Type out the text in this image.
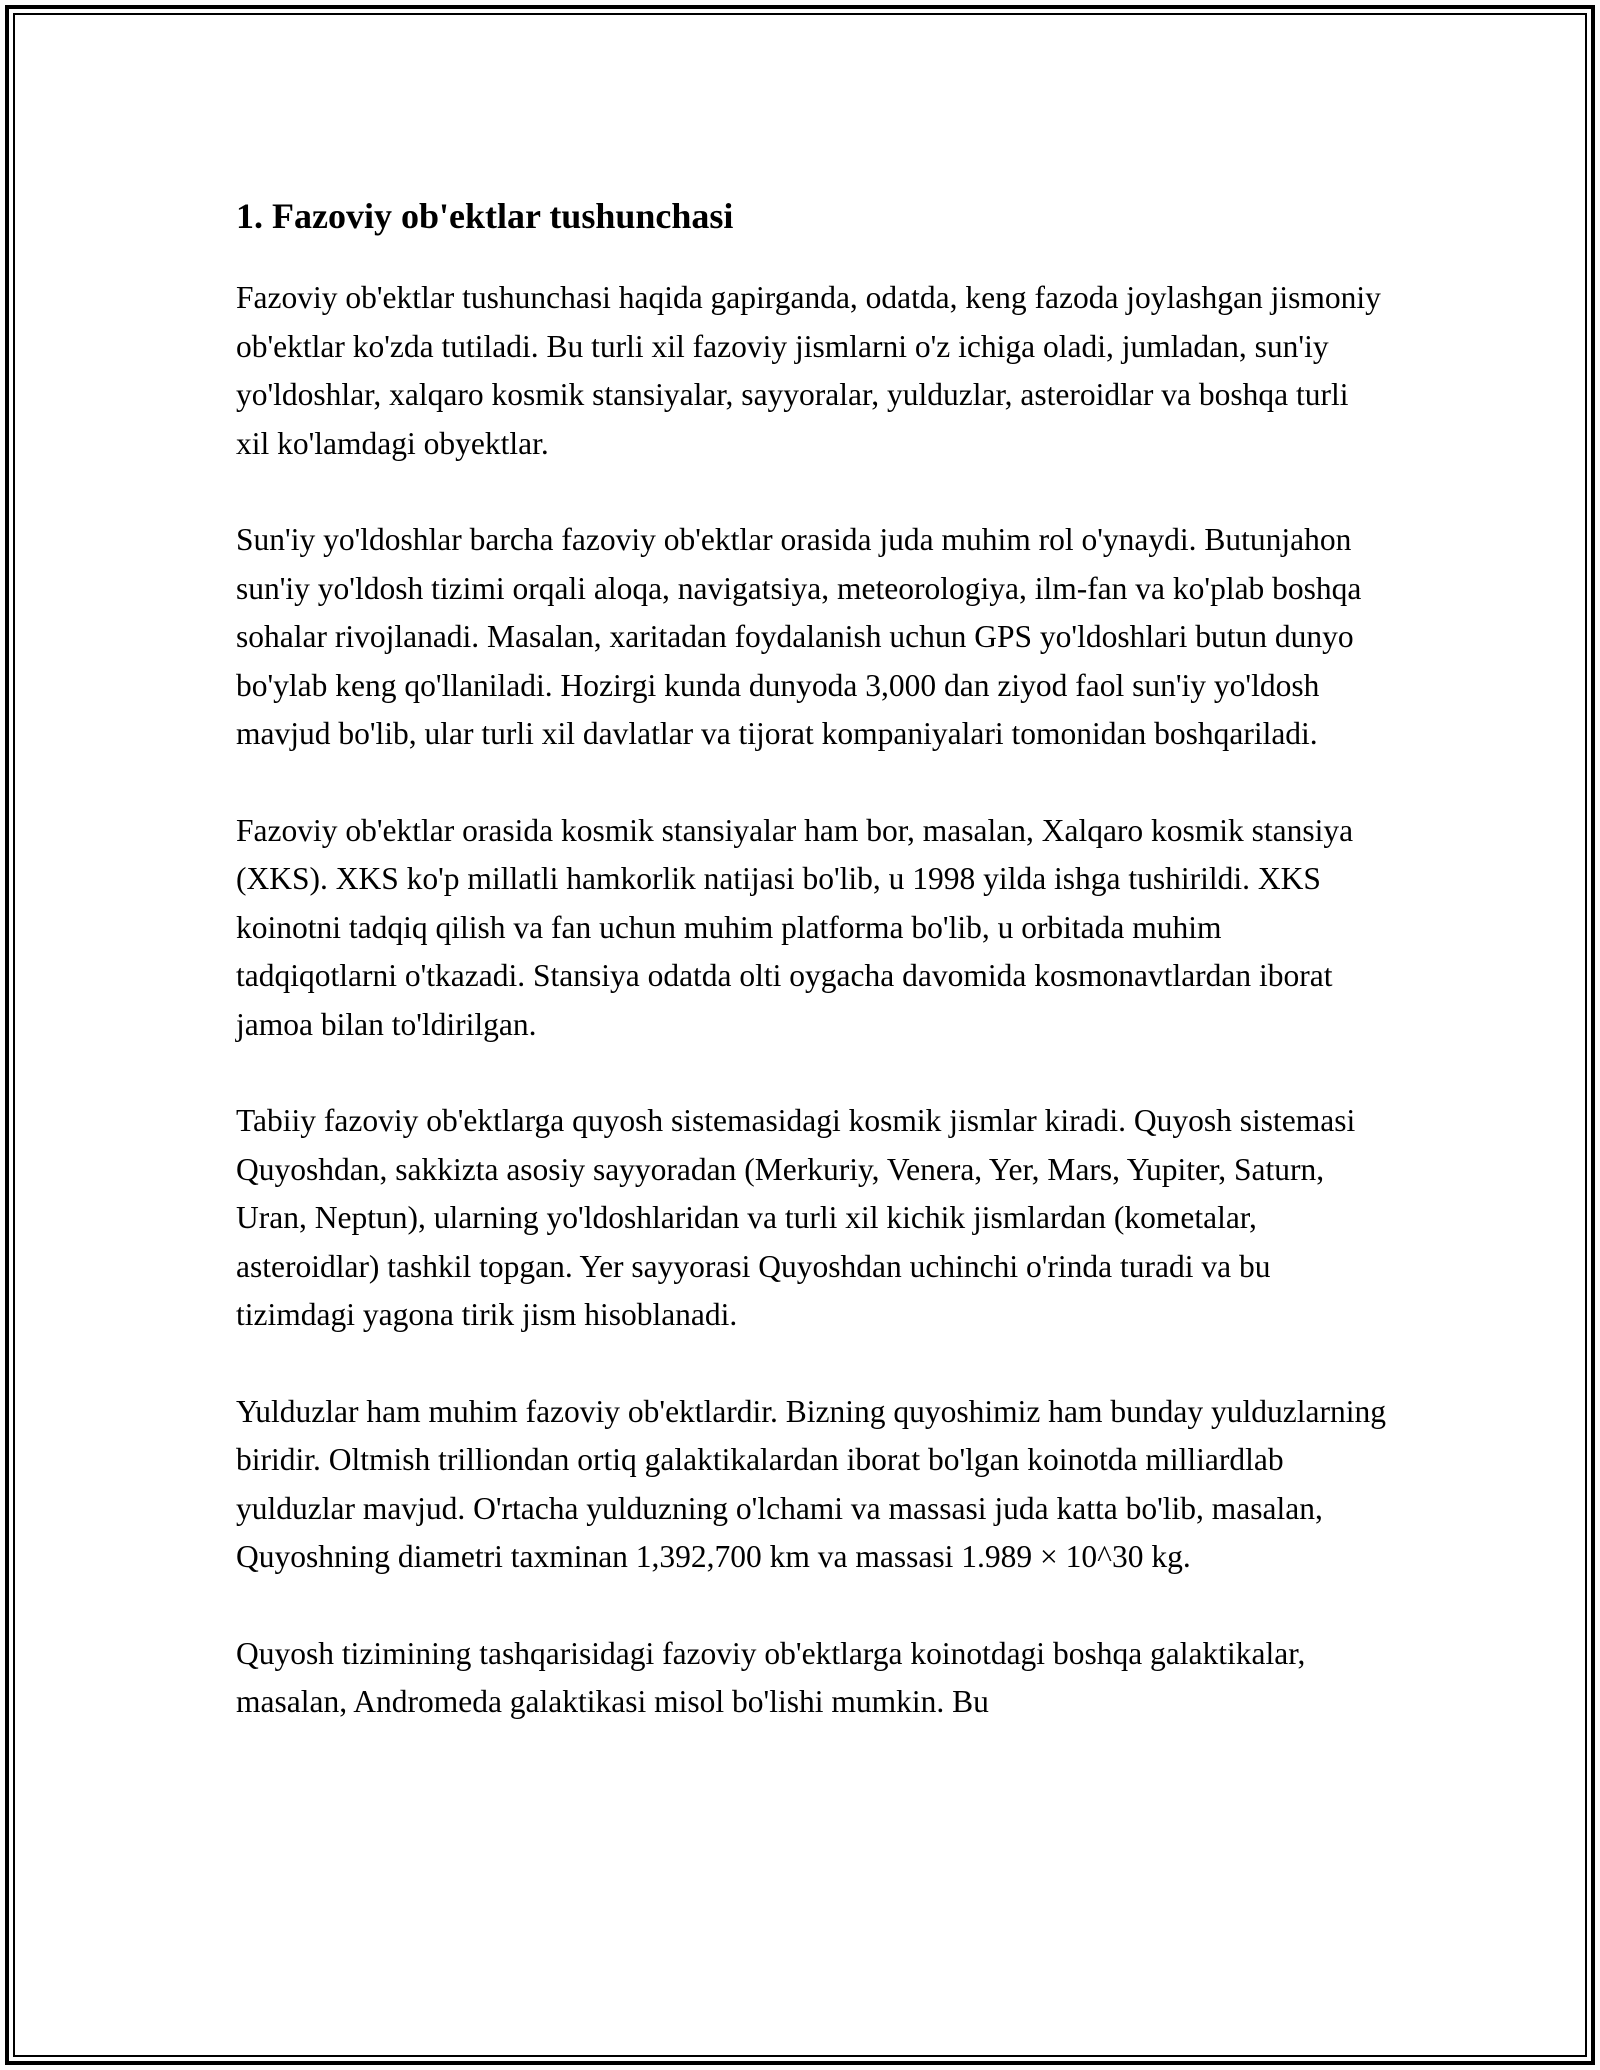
1. Fazoviy ob'ektlar tushunchasi

Fazoviy ob'ektlar tushunchasi haqida gapirganda, odatda, keng fazoda joylashgan jismoniy ob'ektlar ko'zda tutiladi. Bu turli xil fazoviy jismlarni o'z ichiga oladi, jumladan, sun'iy yo'ldoshlar, xalqaro kosmik stansiyalar, sayyoralar, yulduzlar, asteroidlar va boshqa turli xil ko'lamdagi obyektlar.

Sun'iy yo'ldoshlar barcha fazoviy ob'ektlar orasida juda muhim rol o'ynaydi. Butunjahon sun'iy yo'ldosh tizimi orqali aloqa, navigatsiya, meteorologiya, ilm-fan va ko'plab boshqa sohalar rivojlanadi. Masalan, xaritadan foydalanish uchun GPS yo'ldoshlari butun dunyo bo'ylab keng qo'llaniladi. Hozirgi kunda dunyoda 3,000 dan ziyod faol sun'iy yo'ldosh mavjud bo'lib, ular turli xil davlatlar va tijorat kompaniyalari tomonidan boshqariladi.

Fazoviy ob'ektlar orasida kosmik stansiyalar ham bor, masalan, Xalqaro kosmik stansiya (XKS). XKS ko'p millatli hamkorlik natijasi bo'lib, u 1998 yilda ishga tushirildi. XKS koinotni tadqiq qilish va fan uchun muhim platforma bo'lib, u orbitada muhim tadqiqotlarni o'tkazadi. Stansiya odatda olti oygacha davomida kosmonavtlardan iborat jamoa bilan to'ldirilgan.

Tabiiy fazoviy ob'ektlarga quyosh sistemasidagi kosmik jismlar kiradi. Quyosh sistemasi Quyoshdan, sakkizta asosiy sayyoradan (Merkuriy, Venera, Yer, Mars, Yupiter, Saturn, Uran, Neptun), ularning yo'ldoshlaridan va turli xil kichik jismlardan (kometalar, asteroidlar) tashkil topgan. Yer sayyorasi Quyoshdan uchinchi o'rinda turadi va bu tizimdagi yagona tirik jism hisoblanadi.

Yulduzlar ham muhim fazoviy ob'ektlardir. Bizning quyoshimiz ham bunday yulduzlarning biridir. Oltmish trilliondan ortiq galaktikalardan iborat bo'lgan koinotda milliardlab yulduzlar mavjud. O'rtacha yulduzning o'lchami va massasi juda katta bo'lib, masalan, Quyoshning diametri taxminan 1,392,700 km va massasi 1.989 × 10^30 kg.

Quyosh tizimining tashqarisidagi fazoviy ob'ektlarga koinotdagi boshqa galaktikalar, masalan, Andromeda galaktikasi misol bo'lishi mumkin. Bu
